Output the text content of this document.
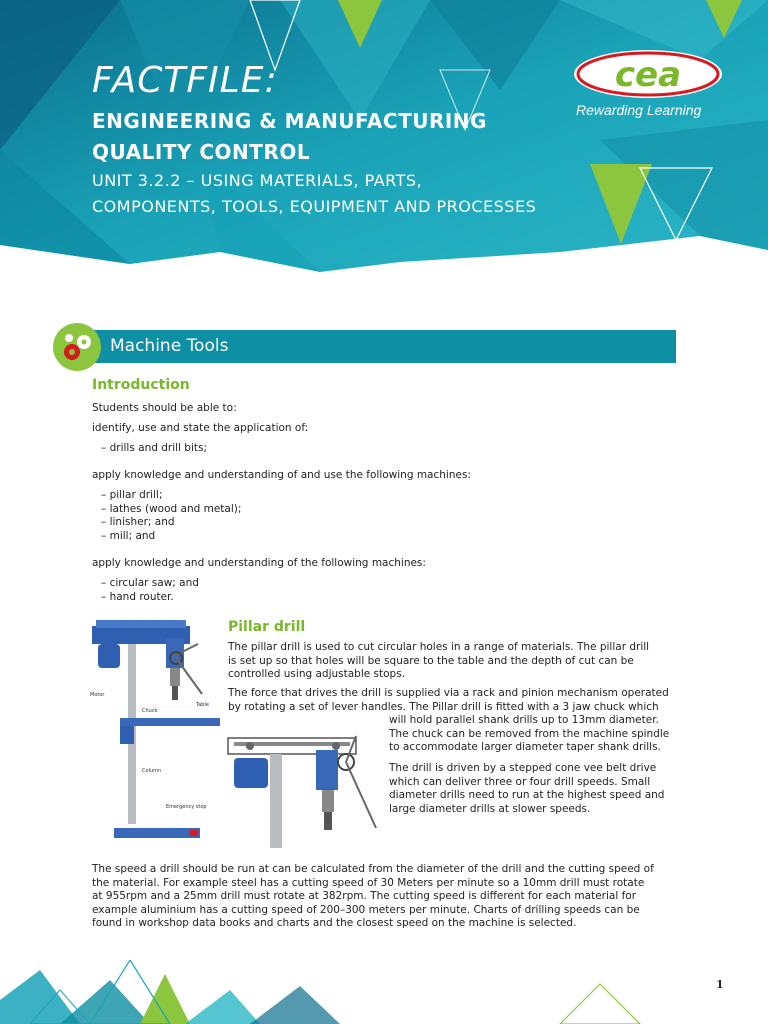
FACTFILE:
ENGINEERING & MANUFACTURING
QUALITY CONTROL
UNIT 3.2.2 – USING MATERIALS, PARTS,
COMPONENTS, TOOLS, EQUIPMENT AND PROCESSES
cea
Rewarding Learning
Machine Tools
Introduction
Students should be able to:
identify, use and state the application of:
– drills and drill bits;
apply knowledge and understanding of and use the following machines:
– pillar drill;
– lathes (wood and metal);
– linisher; and
– mill; and
apply knowledge and understanding of the following machines:
– circular saw; and
– hand router.
Motor
Chuck
Table
Column
Emergency stop
Pillar drill
The pillar drill is used to cut circular holes in a range of materials. The pillar drill
is set up so that holes will be square to the table and the depth of cut can be
controlled using adjustable stops.
The force that drives the drill is supplied via a rack and pinion mechanism operated
by rotating a set of lever handles. The Pillar drill is fitted with a 3 jaw chuck which
will hold parallel shank drills up to 13mm diameter.
The chuck can be removed from the machine spindle
to accommodate larger diameter taper shank drills.
The drill is driven by a stepped cone vee belt drive
which can deliver three or four drill speeds. Small
diameter drills need to run at the highest speed and
large diameter drills at slower speeds.
The speed a drill should be run at can be calculated from the diameter of the drill and the cutting speed of
the material. For example steel has a cutting speed of 30 Meters per minute so a 10mm drill must rotate
at 955rpm and a 25mm drill must rotate at 382rpm. The cutting speed is different for each material for
example aluminium has a cutting speed of 200–300 meters per minute. Charts of drilling speeds can be
found in workshop data books and charts and the closest speed on the machine is selected.
1
